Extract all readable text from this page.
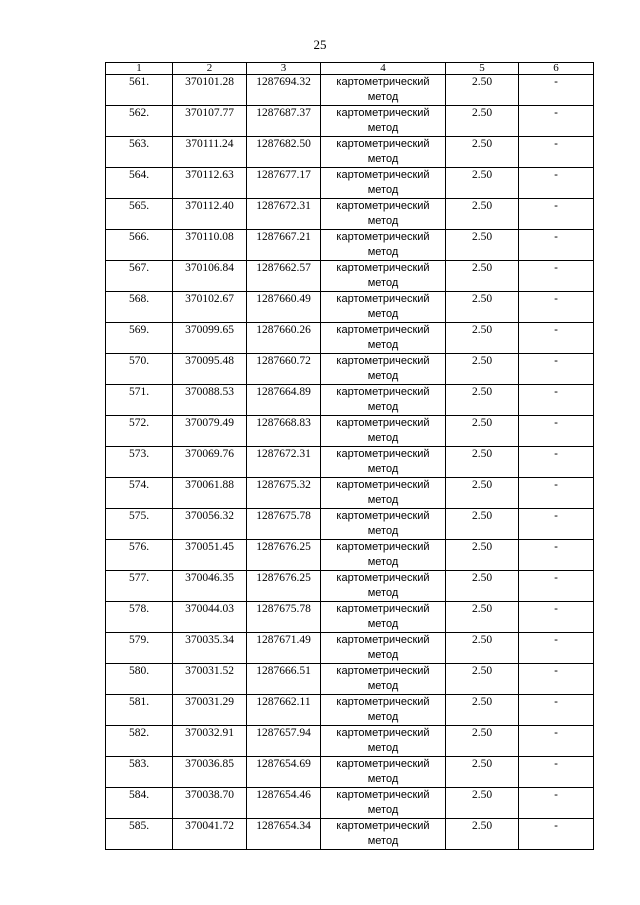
25
1	2	3	4	5	6
561.	370101.28	1287694.32	картометрический метод	2.50	-
562.	370107.77	1287687.37	картометрический метод	2.50	-
563.	370111.24	1287682.50	картометрический метод	2.50	-
564.	370112.63	1287677.17	картометрический метод	2.50	-
565.	370112.40	1287672.31	картометрический метод	2.50	-
566.	370110.08	1287667.21	картометрический метод	2.50	-
567.	370106.84	1287662.57	картометрический метод	2.50	-
568.	370102.67	1287660.49	картометрический метод	2.50	-
569.	370099.65	1287660.26	картометрический метод	2.50	-
570.	370095.48	1287660.72	картометрический метод	2.50	-
571.	370088.53	1287664.89	картометрический метод	2.50	-
572.	370079.49	1287668.83	картометрический метод	2.50	-
573.	370069.76	1287672.31	картометрический метод	2.50	-
574.	370061.88	1287675.32	картометрический метод	2.50	-
575.	370056.32	1287675.78	картометрический метод	2.50	-
576.	370051.45	1287676.25	картометрический метод	2.50	-
577.	370046.35	1287676.25	картометрический метод	2.50	-
578.	370044.03	1287675.78	картометрический метод	2.50	-
579.	370035.34	1287671.49	картометрический метод	2.50	-
580.	370031.52	1287666.51	картометрический метод	2.50	-
581.	370031.29	1287662.11	картометрический метод	2.50	-
582.	370032.91	1287657.94	картометрический метод	2.50	-
583.	370036.85	1287654.69	картометрический метод	2.50	-
584.	370038.70	1287654.46	картометрический метод	2.50	-
585.	370041.72	1287654.34	картометрический метод	2.50	-
